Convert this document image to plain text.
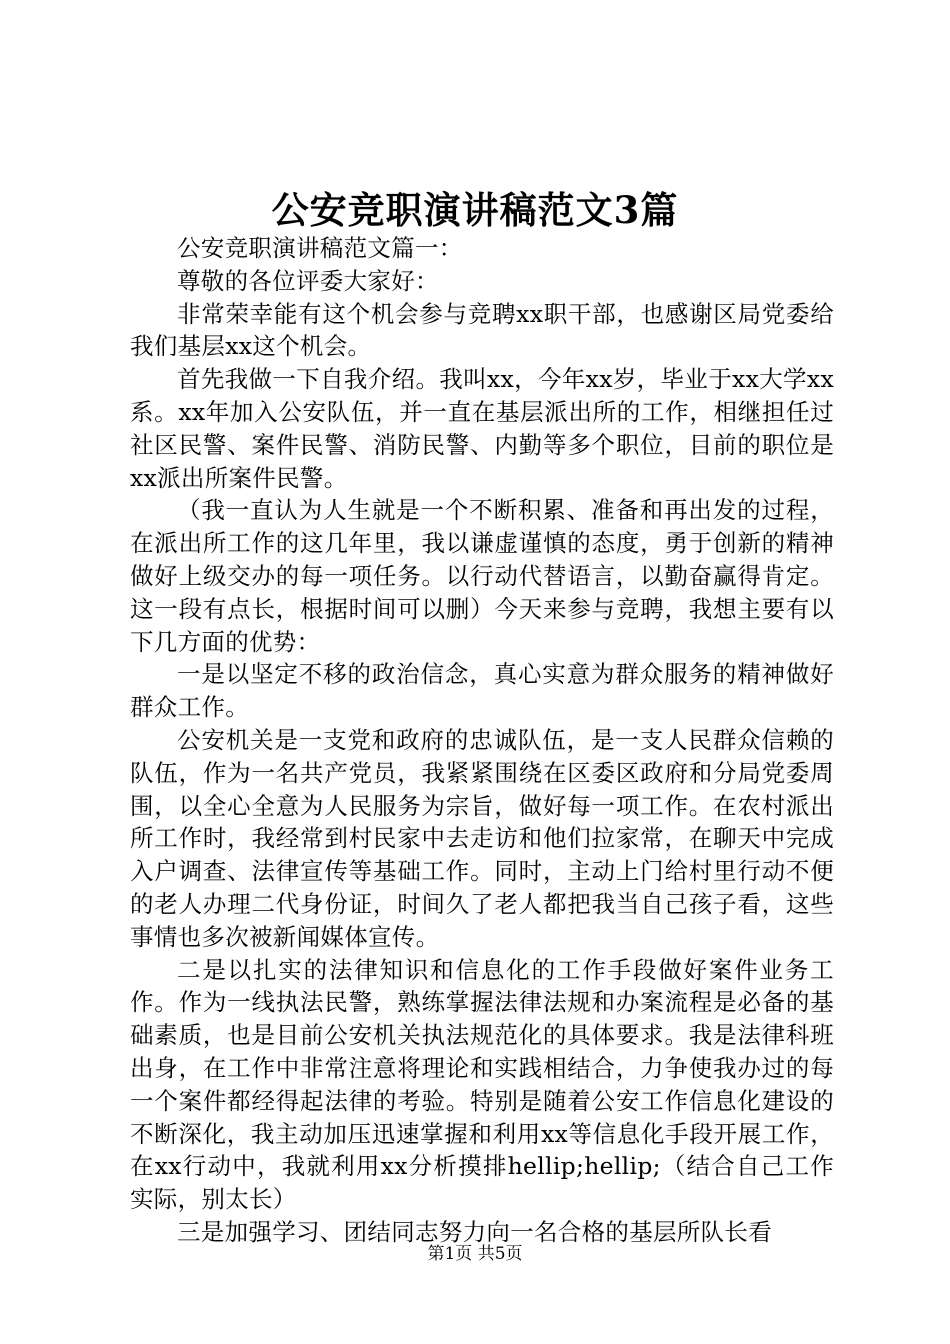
公安竞职演讲稿范文3篇

公安竞职演讲稿范文篇一：

尊敬的各位评委大家好：

非常荣幸能有这个机会参与竞聘xx职干部，也感谢区局党委给我们基层xx这个机会。

首先我做一下自我介绍。我叫xx，今年xx岁，毕业于xx大学xx系。xx年加入公安队伍，并一直在基层派出所的工作，相继担任过社区民警、案件民警、消防民警、内勤等多个职位，目前的职位是xx派出所案件民警。

（我一直认为人生就是一个不断积累、准备和再出发的过程，在派出所工作的这几年里，我以谦虚谨慎的态度，勇于创新的精神做好上级交办的每一项任务。以行动代替语言，以勤奋赢得肯定。这一段有点长，根据时间可以删）今天来参与竞聘，我想主要有以下几方面的优势：

一是以坚定不移的政治信念，真心实意为群众服务的精神做好群众工作。

公安机关是一支党和政府的忠诚队伍，是一支人民群众信赖的队伍，作为一名共产党员，我紧紧围绕在区委区政府和分局党委周围，以全心全意为人民服务为宗旨，做好每一项工作。在农村派出所工作时，我经常到村民家中去走访和他们拉家常，在聊天中完成入户调查、法律宣传等基础工作。同时，主动上门给村里行动不便的老人办理二代身份证，时间久了老人都把我当自己孩子看，这些事情也多次被新闻媒体宣传。

二是以扎实的法律知识和信息化的工作手段做好案件业务工作。作为一线执法民警，熟练掌握法律法规和办案流程是必备的基础素质，也是目前公安机关执法规范化的具体要求。我是法律科班出身，在工作中非常注意将理论和实践相结合，力争使我办过的每一个案件都经得起法律的考验。特别是随着公安工作信息化建设的不断深化，我主动加压迅速掌握和利用xx等信息化手段开展工作，在xx行动中，我就利用xx分析摸排hellip;hellip;（结合自己工作实际，别太长）

三是加强学习、团结同志努力向一名合格的基层所队长看

第1页 共5页
